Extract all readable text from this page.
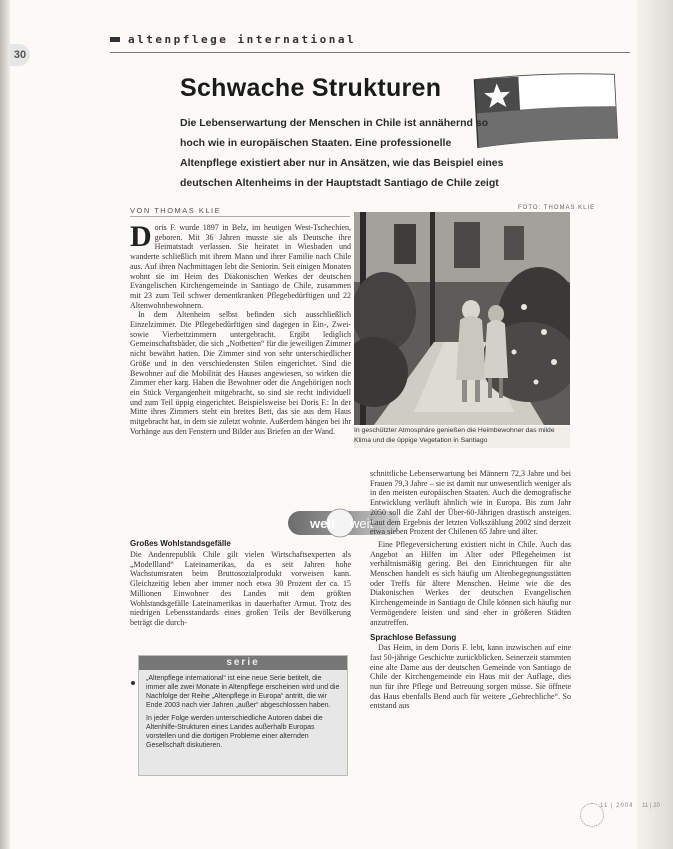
30
altenpflege international
Schwache Strukturen

Die Lebenserwartung der Menschen in Chile ist annähernd so hoch wie in europäischen Staaten. Eine professionelle Altenpflege existiert aber nur in Ansätzen, wie das Beispiel eines deutschen Altenheims in der Hauptstadt Santiago de Chile zeigt

VON THOMAS KLIE	FOTO: THOMAS KLIE
D oris F. wurde 1897 in Belz, im heutigen West-Tschechien, geboren. Mit 36 Jahren musste sie als Deutsche ihre Heimatstadt verlassen. Sie heiratet in Wiesbaden und wanderte schließlich mit ihrem Mann und ihrer Familie nach Chile aus. Auf ihren Nachmittagen lebt die Seniorin. Seit einigen Monaten wohnt sie im Heim des Diakonischen Werkes der deutschen Evangelischen Kirchengemeinde in Santiago de Chile, zusammen mit 23 zum Teil schwer dementkranken Pflegebedürftigen und 22 Altenwohnbewohnern.

In dem Altenheim selbst befinden sich ausschließlich Einzelzimmer. Die Pflegebedürftigen sind dagegen in Ein-, Zwei- sowie Vierbettzimmern untergebracht. Ergibt lediglich Gemeinschaftsbäder, die sich „Notbetten“ für die jeweiligen Zimmer nicht bewährt hatten. Die Zimmer sind von sehr unterschiedlicher Größe und in den verschiedensten Stilen eingerichtet. Sind die Bewohner auf die Mobilität des Hauses angewiesen, so wirken die Zimmer eher karg. Haben die Bewohner oder die Angehörigen noch ein Stück Vergangenheit mitgebracht, so sind sie recht individuell und zum Teil üppig eingerichtet. Beispielsweise bei Doris F.: In der Mitte ihres Zimmers steht ein breites Bett, das sie aus dem Haus mitgebracht hat, in dem sie zuletzt wohnte. Außerdem hängen bei ihr Vorhänge aus den Fenstern und Bilder aus Briefen an der Wand.

Großes Wohlstandsgefälle
Die Andenrepublik Chile gilt vielen Wirtschaftsexperten als „Modellland“ Lateinamerikas, da es seit Jahren hohe Wachstumsraten beim Bruttosozialprodukt vorweisen kann. Gleichzeitig leben aber immer noch etwa 30 Prozent der ca. 15 Millionen Einwohner des Landes mit dem größten Wohlstandsgefälle Lateinamerikas in dauerhafter Armut. Trotz des niedrigen Lebensstandards eines großen Teils der Bevölkerung beträgt die durch-
welt weit
In geschützter Atmosphäre genießen die Heimbewohner das milde Klima und die üppige Vegetation in Santiago

schnittliche Lebenserwartung bei Männern 72,3 Jahre und bei Frauen 79,3 Jahre – sie ist damit nur unwesentlich weniger als in den meisten europäischen Staaten. Auch die demografische Entwicklung verläuft ähnlich wie in Europa. Bis zum Jahr 2050 soll die Zahl der Über-60-Jährigen drastisch ansteigen. Laut dem Ergebnis der letzten Volkszählung 2002 sind derzeit etwa sieben Prozent der Chilenen 65 Jahre und älter.

Eine Pflegeversicherung existiert nicht in Chile. Auch das Angebot an Hilfen im Alter oder Pflegeheimen ist verhältnismäßig gering. Bei den Einrichtungen für alte Menschen handelt es sich häufig um Altenbegegnungsstätten oder Treffs für ältere Menschen. Heime wie die des Diakonischen Werkes der deutschen Evangelischen Kirchengemeinde in Santiago de Chile können sich häufig nur Vermögendere leisten und sind eher in größeren Städten anzutreffen.

Sprachlose Befassung

Das Heim, in dem Doris F. lebt, kann inzwischen auf eine fast 50-jährige Geschichte zurückblicken. Seinerzeit stammten eine alte Dame aus der deutschen Gemeinde von Santiago de Chile der Kirchengemeinde ein Haus mit der Auflage, dies nun für ihre Pflege und Betreuung sorgen müsse. Sie öffnete das Haus ebenfalls Bend auch für weitere „Gebrechliche“. So entstand aus

serie

„Altenpflege international“ ist eine neue Serie betitelt, die immer alle zwei Monate in Altenpflege erscheinen wird und die Nachfolge der Reihe „Altenpflege in Europa“ antritt, die wir Ende 2003 nach vier Jahren „außer“ abgeschlossen haben.

In jeder Folge werden unterschiedliche Autoren dabei die Altenhilfe-Strukturen eines Landes außerhalb Europas vorstellen und die dortigen Probleme einer alternden Gesellschaft diskutieren.

11 | 2004 11 | 20
